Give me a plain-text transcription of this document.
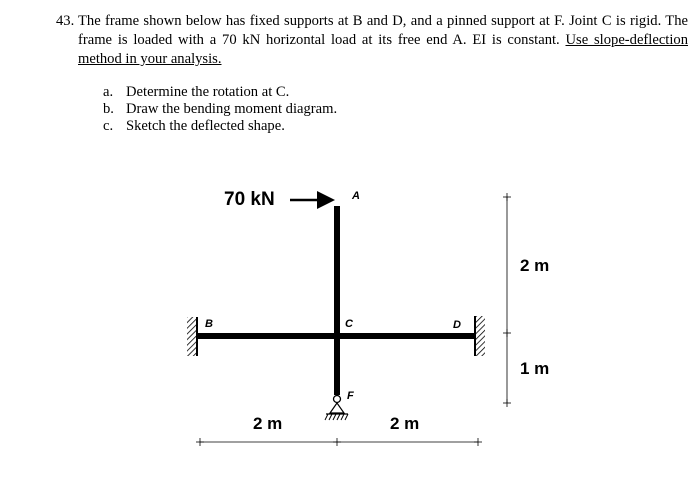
43. The frame shown below has fixed supports at B and D, and a pinned support at F. Joint C is rigid. The frame is loaded with a 70 kN horizontal load at its free end A. EI is constant. Use slope-deflection method in your analysis.
a. Determine the rotation at C.
b. Draw the bending moment diagram.
c. Sketch the deflected shape.
70 kN	A
B	C	D
F
2 m	2 m
2 m
1 m
